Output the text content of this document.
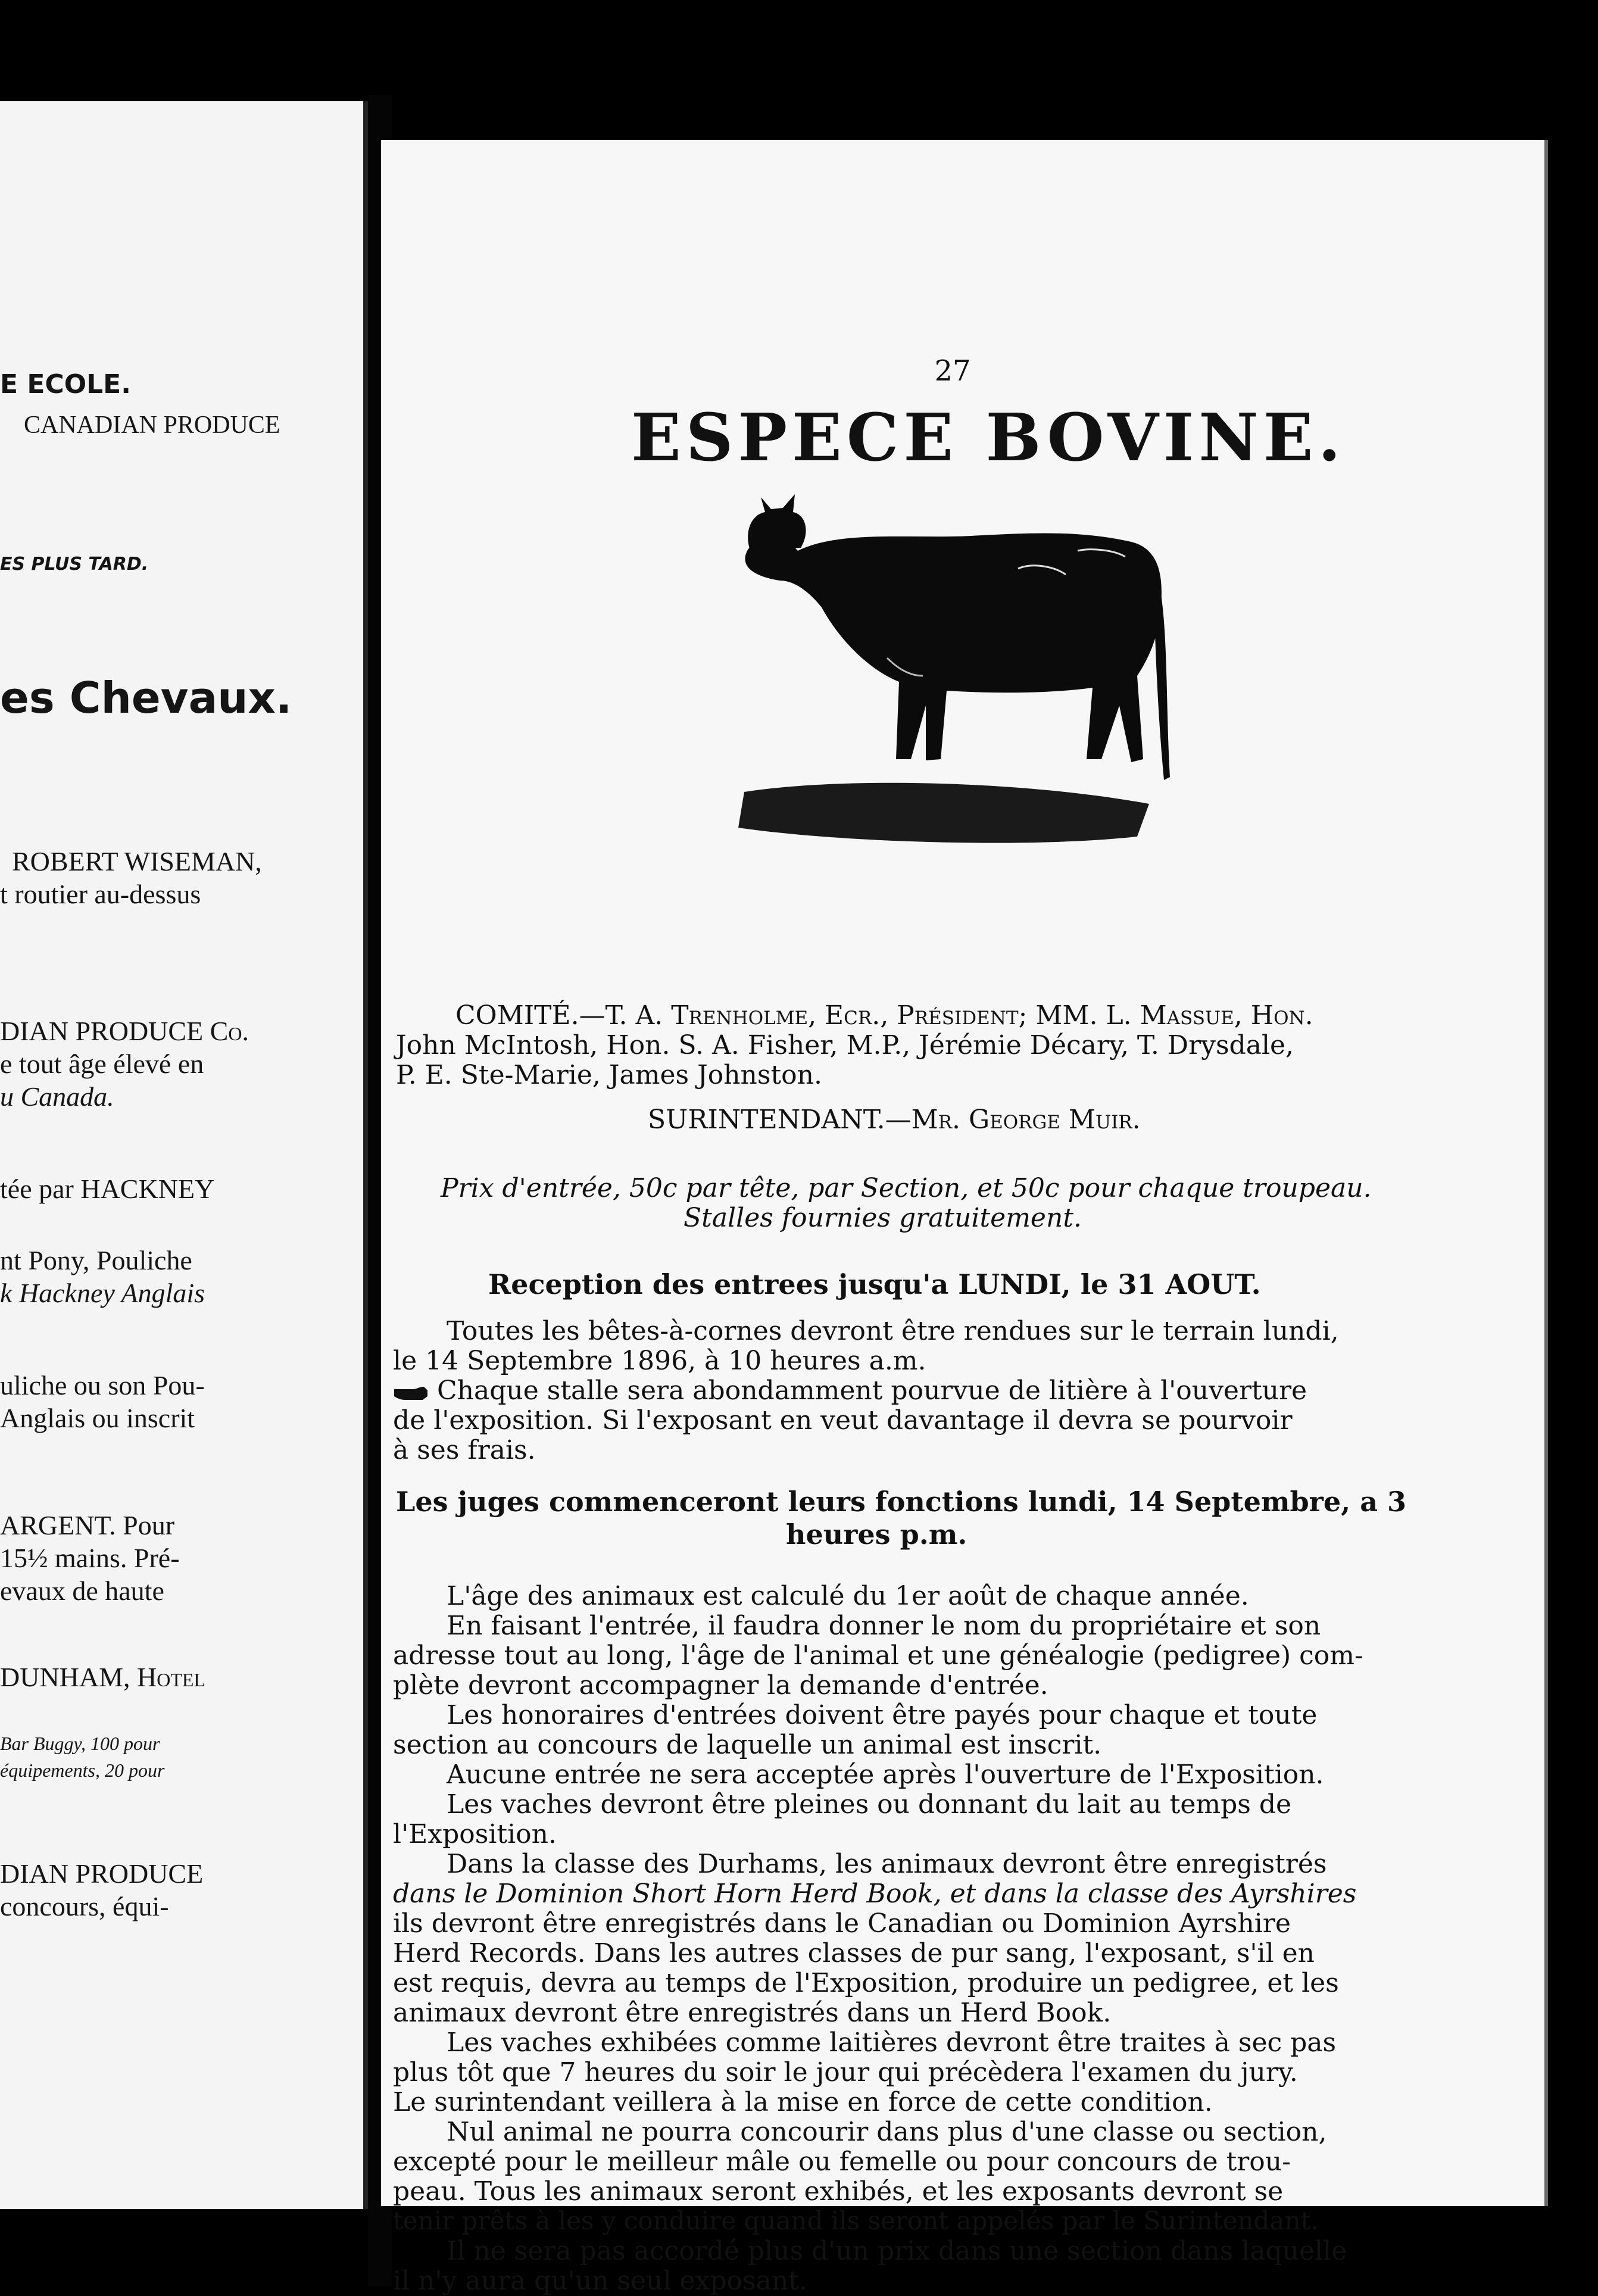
E ECOLE.
CANADIAN PRODUCE
ES PLUS TARD.
es Chevaux.
ROBERT WISEMAN,
t routier au-dessus
DIAN PRODUCE Co.
e tout âge élevé en
u Canada.
tée par HACKNEY
nt Pony, Pouliche
k Hackney Anglais
uliche ou son Pou-
Anglais ou inscrit
ARGENT. Pour
15½ mains. Pré-
evaux de haute
DUNHAM, Hotel
Bar Buggy, 100 pour
équipements, 20 pour
DIAN PRODUCE
concours, équi-
27
ESPECE BOVINE.
COMITÉ.—T. A. Trenholme, Ecr., Président; MM. L. Massue, Hon.
John McIntosh, Hon. S. A. Fisher, M.P., Jérémie Décary, T. Drysdale,
P. E. Ste-Marie, James Johnston.
SURINTENDANT.—Mr. George Muir.
Prix d'entrée, 50c par tête, par Section, et 50c pour chaque troupeau.
Stalles fournies gratuitement.
Reception des entrees jusqu'a LUNDI, le 31 AOUT.
Toutes les bêtes-à-cornes devront être rendues sur le terrain lundi,
le 14 Septembre 1896, à 10 heures a.m.
Chaque stalle sera abondamment pourvue de litière à l'ouverture
de l'exposition. Si l'exposant en veut davantage il devra se pourvoir
à ses frais.
Les juges commenceront leurs fonctions lundi, 14 Septembre, a 3
heures p.m.
L'âge des animaux est calculé du 1er août de chaque année.
En faisant l'entrée, il faudra donner le nom du propriétaire et son
adresse tout au long, l'âge de l'animal et une généalogie (pedigree) com-
plète devront accompagner la demande d'entrée.
Les honoraires d'entrées doivent être payés pour chaque et toute
section au concours de laquelle un animal est inscrit.
Aucune entrée ne sera acceptée après l'ouverture de l'Exposition.
Les vaches devront être pleines ou donnant du lait au temps de
l'Exposition.
Dans la classe des Durhams, les animaux devront être enregistrés
dans le Dominion Short Horn Herd Book, et dans la classe des Ayrshires
ils devront être enregistrés dans le Canadian ou Dominion Ayrshire
Herd Records. Dans les autres classes de pur sang, l'exposant, s'il en
est requis, devra au temps de l'Exposition, produire un pedigree, et les
animaux devront être enregistrés dans un Herd Book.
Les vaches exhibées comme laitières devront être traites à sec pas
plus tôt que 7 heures du soir le jour qui précèdera l'examen du jury.
Le surintendant veillera à la mise en force de cette condition.
Nul animal ne pourra concourir dans plus d'une classe ou section,
excepté pour le meilleur mâle ou femelle ou pour concours de trou-
peau. Tous les animaux seront exhibés, et les exposants devront se
tenir prêts à les y conduire quand ils seront appelés par le Surintendant.
Il ne sera pas accordé plus d'un prix dans une section dans laquelle
il n'y aura qu'un seul exposant.
